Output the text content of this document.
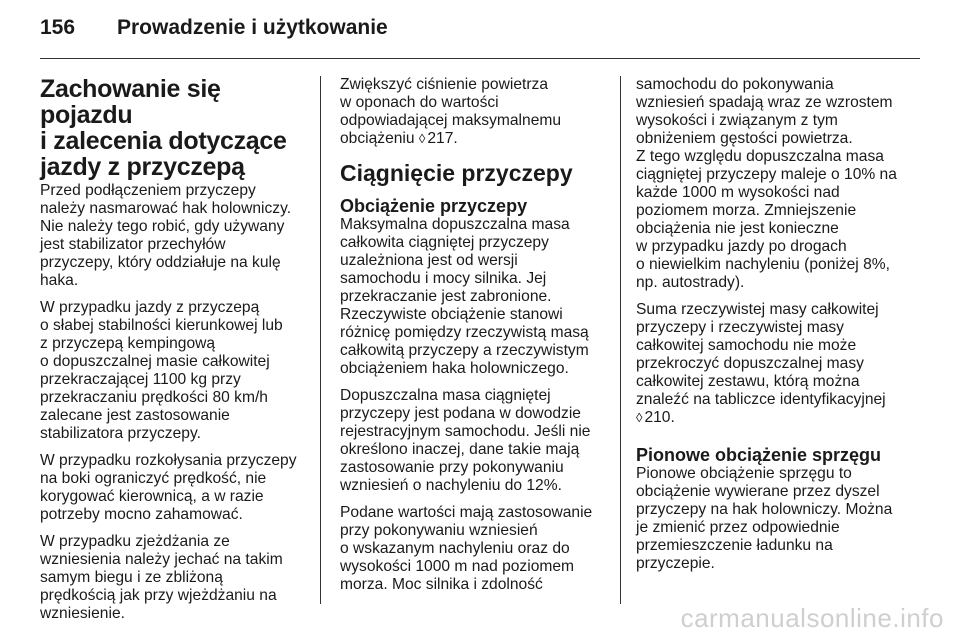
156	Prowadzenie i użytkowanie
Zachowanie się pojazdu
i zalecenia dotyczące
jazdy z przyczepą

Przed podłączeniem przyczepy
należy nasmarować hak holowniczy.
Nie należy tego robić, gdy używany
jest stabilizator przechyłów
przyczepy, który oddziałuje na kulę
haka.

W przypadku jazdy z przyczepą
o słabej stabilności kierunkowej lub
z przyczepą kempingową
o dopuszczalnej masie całkowitej
przekraczającej 1100 kg przy
przekraczaniu prędkości 80 km/h
zalecane jest zastosowanie
stabilizatora przyczepy.

W przypadku rozkołysania przyczepy
na boki ograniczyć prędkość, nie
korygować kierownicą, a w razie
potrzeby mocno zahamować.

W przypadku zjeżdżania ze
wzniesienia należy jechać na takim
samym biegu i ze zbliżoną
prędkością jak przy wjeżdżaniu na
wzniesienie.

Zwiększyć ciśnienie powietrza
w oponach do wartości
odpowiadającej maksymalnemu
obciążeniu ◊ 217.

Ciągnięcie przyczepy
Obciążenie przyczepy

Maksymalna dopuszczalna masa
całkowita ciągniętej przyczepy
uzależniona jest od wersji
samochodu i mocy silnika. Jej
przekraczanie jest zabronione.
Rzeczywiste obciążenie stanowi
różnicę pomiędzy rzeczywistą masą
całkowitą przyczepy a rzeczywistym
obciążeniem haka holowniczego.

Dopuszczalna masa ciągniętej
przyczepy jest podana w dowodzie
rejestracyjnym samochodu. Jeśli nie
określono inaczej, dane takie mają
zastosowanie przy pokonywaniu
wzniesień o nachyleniu do 12%.

Podane wartości mają zastosowanie
przy pokonywaniu wzniesień
o wskazanym nachyleniu oraz do
wysokości 1000 m nad poziomem
morza. Moc silnika i zdolność

samochodu do pokonywania
wzniesień spadają wraz ze wzrostem
wysokości i związanym z tym
obniżeniem gęstości powietrza.
Z tego względu dopuszczalna masa
ciągniętej przyczepy maleje o 10% na
każde 1000 m wysokości nad
poziomem morza. Zmniejszenie
obciążenia nie jest konieczne
w przypadku jazdy po drogach
o niewielkim nachyleniu (poniżej 8%,
np. autostrady).

Suma rzeczywistej masy całkowitej
przyczepy i rzeczywistej masy
całkowitej samochodu nie może
przekroczyć dopuszczalnej masy
całkowitej zestawu, którą można
znaleźć na tabliczce identyfikacyjnej
◊ 210.

Pionowe obciążenie sprzęgu

Pionowe obciążenie sprzęgu to
obciążenie wywierane przez dyszel
przyczepy na hak holowniczy. Można
je zmienić przez odpowiednie
przemieszczenie ładunku na
przyczepie.

carmanualsonline.info
